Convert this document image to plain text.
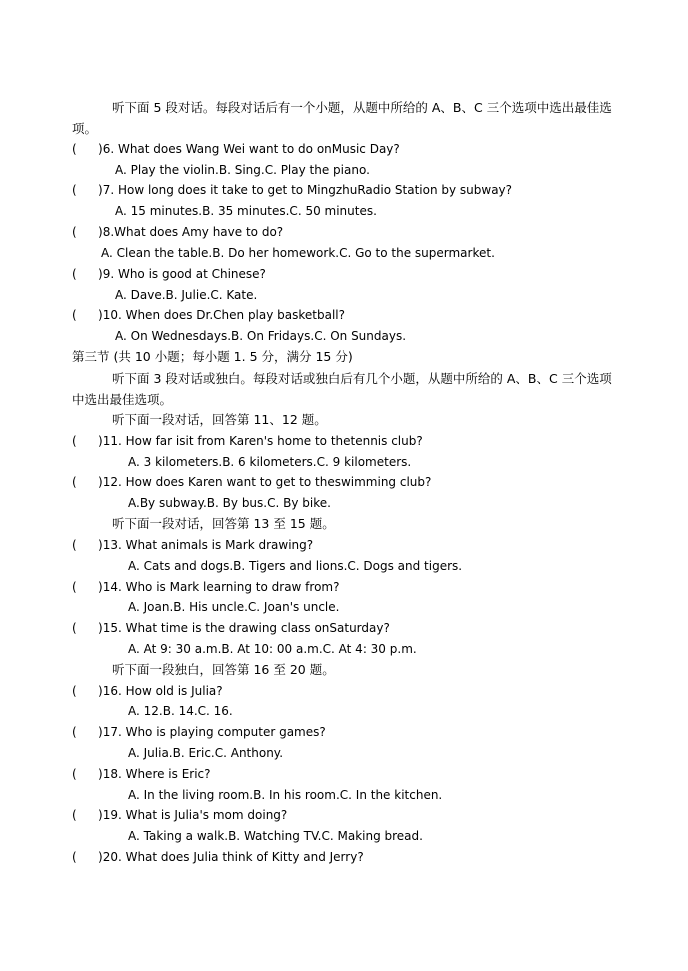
听下面 5 段对话。每段对话后有一个小题，从题中所给的 A、B、C 三个选项中选出最佳选项。
(	) 6. What does Wang Wei want to do onMusic Day?
A. Play the violin.B. Sing.C. Play the piano.
(	) 7. How long does it take to get to MingzhuRadio Station by subway?
A. 15 minutes.B. 35 minutes.C. 50 minutes.
(	) 8.What does Amy have to do?
A. Clean the table.B. Do her homework.C. Go to the supermarket.
(	) 9. Who is good at Chinese?
A. Dave.B. Julie.C. Kate.
(	) 10. When does Dr.Chen play basketball?
A. On Wednesdays.B. On Fridays.C. On Sundays.
第三节 (共 10 小题；每小题 1. 5 分，满分 15 分)
听下面 3 段对话或独白。每段对话或独白后有几个小题，从题中所给的 A、B、C 三个选项中选出最佳选项。
听下面一段对话，回答第 11、12 题。
(	) 11. How far isit from Karen's home to thetennis club?
A. 3 kilometers.B. 6 kilometers.C. 9 kilometers.
(	) 12. How does Karen want to get to theswimming club?
A.By subway.B. By bus.C. By bike.
听下面一段对话，回答第 13 至 15 题。
(	) 13. What animals is Mark drawing?
A. Cats and dogs.B. Tigers and lions.C. Dogs and tigers.
(	) 14. Who is Mark learning to draw from?
A. Joan.B. His uncle.C. Joan's uncle.
(	) 15. What time is the drawing class onSaturday?
A. At 9: 30 a.m.B. At 10: 00 a.m.C. At 4: 30 p.m.
听下面一段独白，回答第 16 至 20 题。
(	) 16. How old is Julia?
A. 12.B. 14.C. 16.
(	) 17. Who is playing computer games?
A. Julia.B. Eric.C. Anthony.
(	) 18. Where is Eric?
A. In the living room.B. In his room.C. In the kitchen.
(	) 19. What is Julia's mom doing?
A. Taking a walk.B. Watching TV.C. Making bread.
(	) 20. What does Julia think of Kitty and Jerry?
